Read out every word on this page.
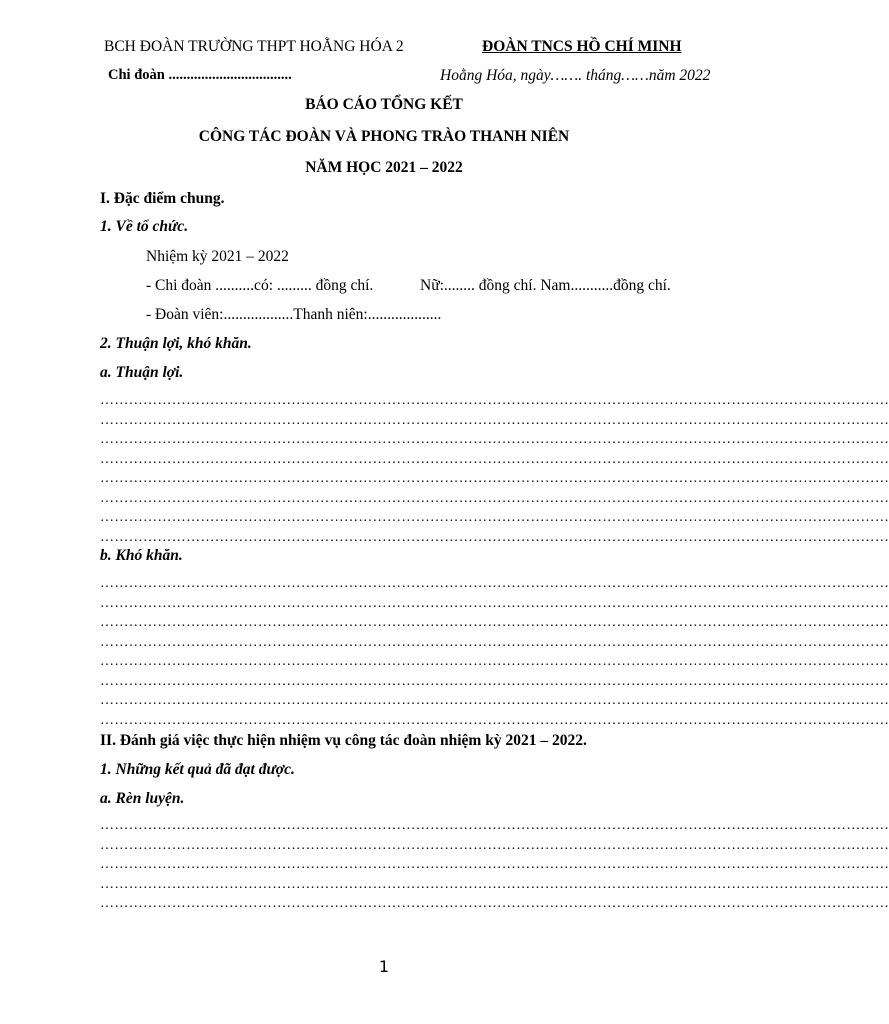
BCH ĐOÀN TRƯỜNG THPT HOẰNG HÓA 2	ĐOÀN TNCS HỒ CHÍ MINH
Chi đoàn ..................................	Hoằng Hóa, ngày……. tháng……năm 2022
BÁO CÁO TỔNG KẾT
CÔNG TÁC ĐOÀN VÀ PHONG TRÀO THANH NIÊN
NĂM HỌC 2021 – 2022
I. Đặc điểm chung.
1. Về tổ chức.
Nhiệm kỳ 2021 – 2022
- Chi đoàn ..........có: ......... đồng chí.	Nữ:........ đồng chí. Nam...........đồng chí.
- Đoàn viên:..................Thanh niên:...................
2. Thuận lợi, khó khăn.
a. Thuận lợi.
…………………………………………………………………………………………………………………………………………………
…………………………………………………………………………………………………………………………………………………
…………………………………………………………………………………………………………………………………………………
…………………………………………………………………………………………………………………………………………………
…………………………………………………………………………………………………………………………………………………
…………………………………………………………………………………………………………………………………………………
…………………………………………………………………………………………………………………………………………………
…………………………………………………………………………………………………………………………………………………
b. Khó khăn.
…………………………………………………………………………………………………………………………………………………
…………………………………………………………………………………………………………………………………………………
…………………………………………………………………………………………………………………………………………………
…………………………………………………………………………………………………………………………………………………
…………………………………………………………………………………………………………………………………………………
…………………………………………………………………………………………………………………………………………………
…………………………………………………………………………………………………………………………………………………
…………………………………………………………………………………………………………………………………………………
II. Đánh giá việc thực hiện nhiệm vụ công tác đoàn nhiệm kỳ 2021 – 2022.
1. Những kết quả đã đạt được.
a. Rèn luyện.
…………………………………………………………………………………………………………………………………………………
…………………………………………………………………………………………………………………………………………………
…………………………………………………………………………………………………………………………………………………
…………………………………………………………………………………………………………………………………………………
…………………………………………………………………………………………………………………………………………………
1
